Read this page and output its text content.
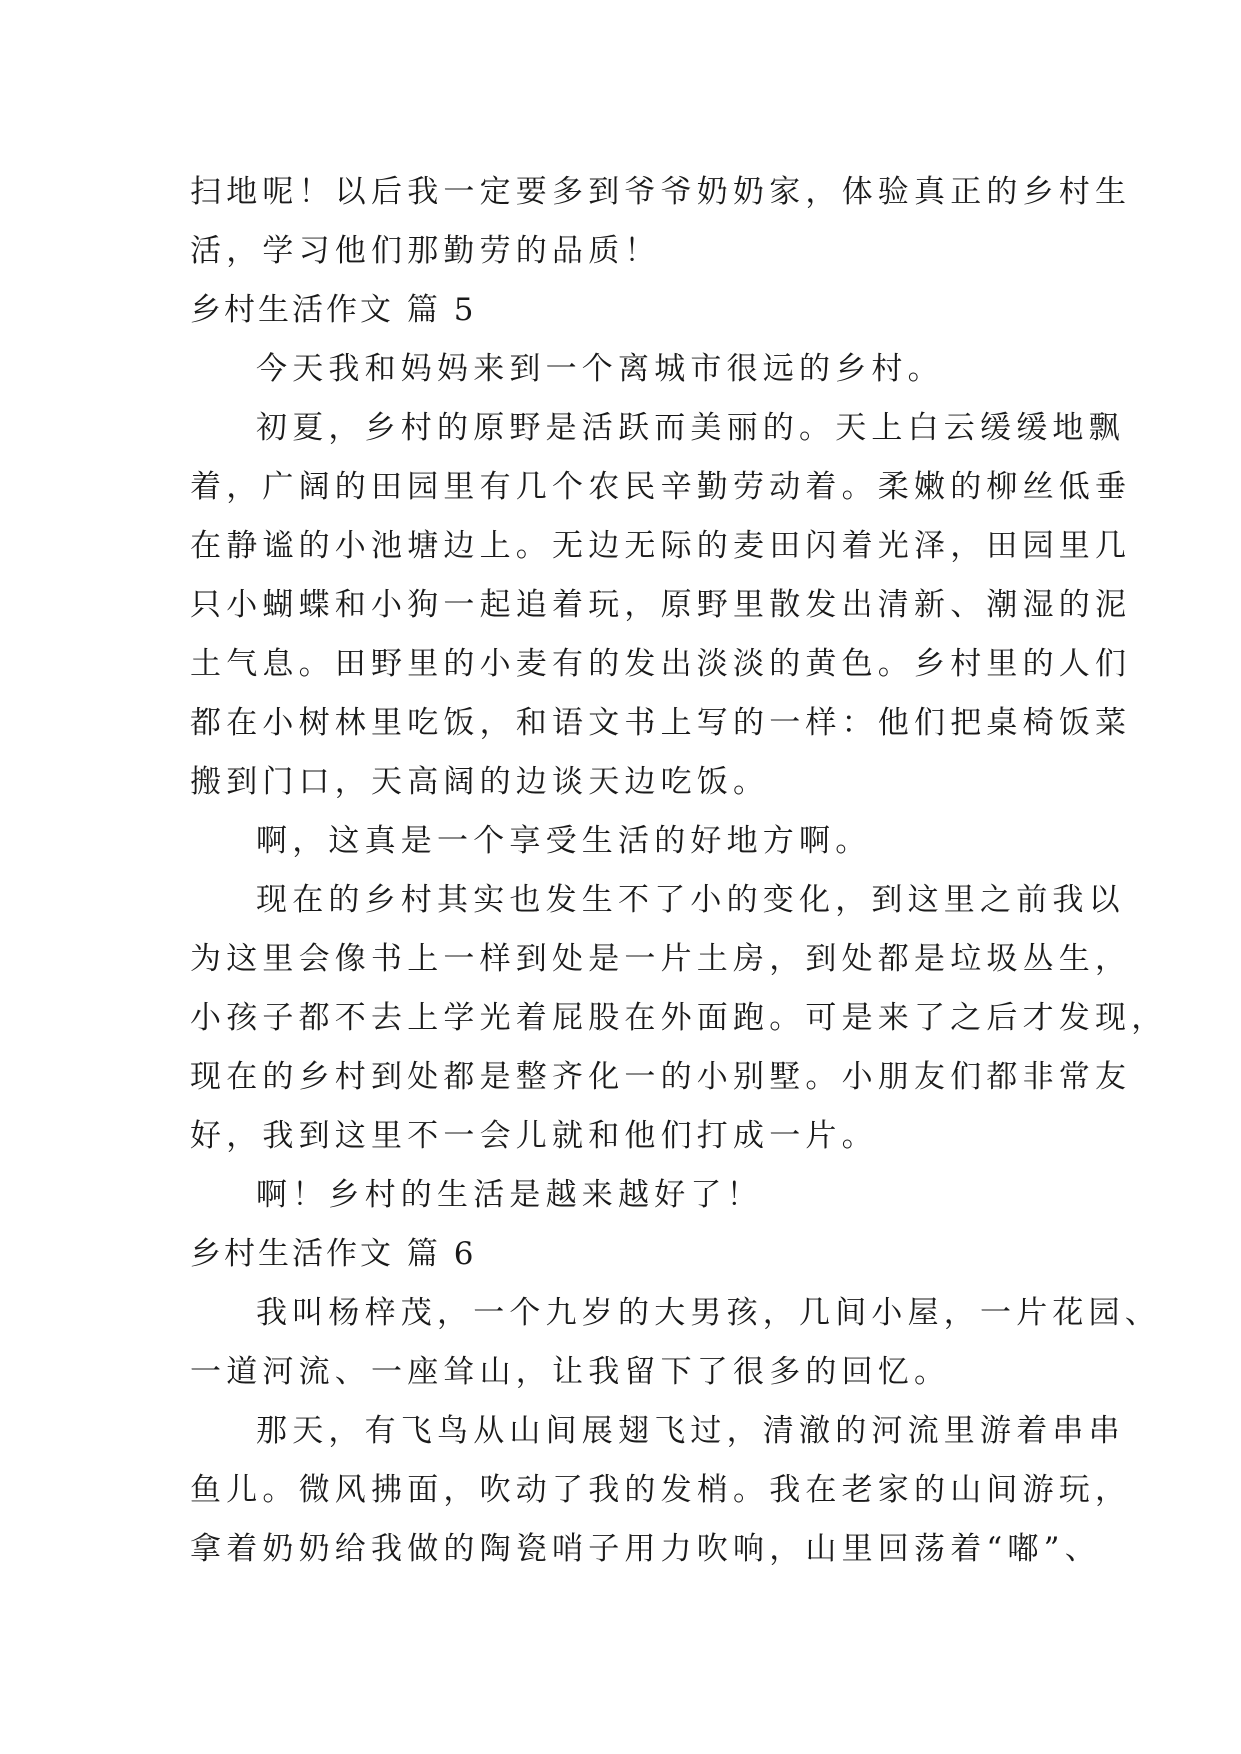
扫地呢！以后我一定要多到爷爷奶奶家，体验真正的乡村生
活，学习他们那勤劳的品质！
乡村生活作文 篇 5
今天我和妈妈来到一个离城市很远的乡村。
初夏，乡村的原野是活跃而美丽的。天上白云缓缓地飘
着，广阔的田园里有几个农民辛勤劳动着。柔嫩的柳丝低垂
在静谧的小池塘边上。无边无际的麦田闪着光泽，田园里几
只小蝴蝶和小狗一起追着玩，原野里散发出清新、潮湿的泥
土气息。田野里的小麦有的发出淡淡的黄色。乡村里的人们
都在小树林里吃饭，和语文书上写的一样：他们把桌椅饭菜
搬到门口，天高阔的边谈天边吃饭。
啊，这真是一个享受生活的好地方啊。
现在的乡村其实也发生不了小的变化，到这里之前我以
为这里会像书上一样到处是一片土房，到处都是垃圾丛生，
小孩子都不去上学光着屁股在外面跑。可是来了之后才发现，
现在的乡村到处都是整齐化一的小别墅。小朋友们都非常友
好，我到这里不一会儿就和他们打成一片。
啊！乡村的生活是越来越好了！
乡村生活作文 篇 6
我叫杨梓茂，一个九岁的大男孩，几间小屋，一片花园、
一道河流、一座耸山，让我留下了很多的回忆。
那天，有飞鸟从山间展翅飞过，清澈的河流里游着串串
鱼儿。微风拂面，吹动了我的发梢。我在老家的山间游玩，
拿着奶奶给我做的陶瓷哨子用力吹响，山里回荡着“嘟”、
